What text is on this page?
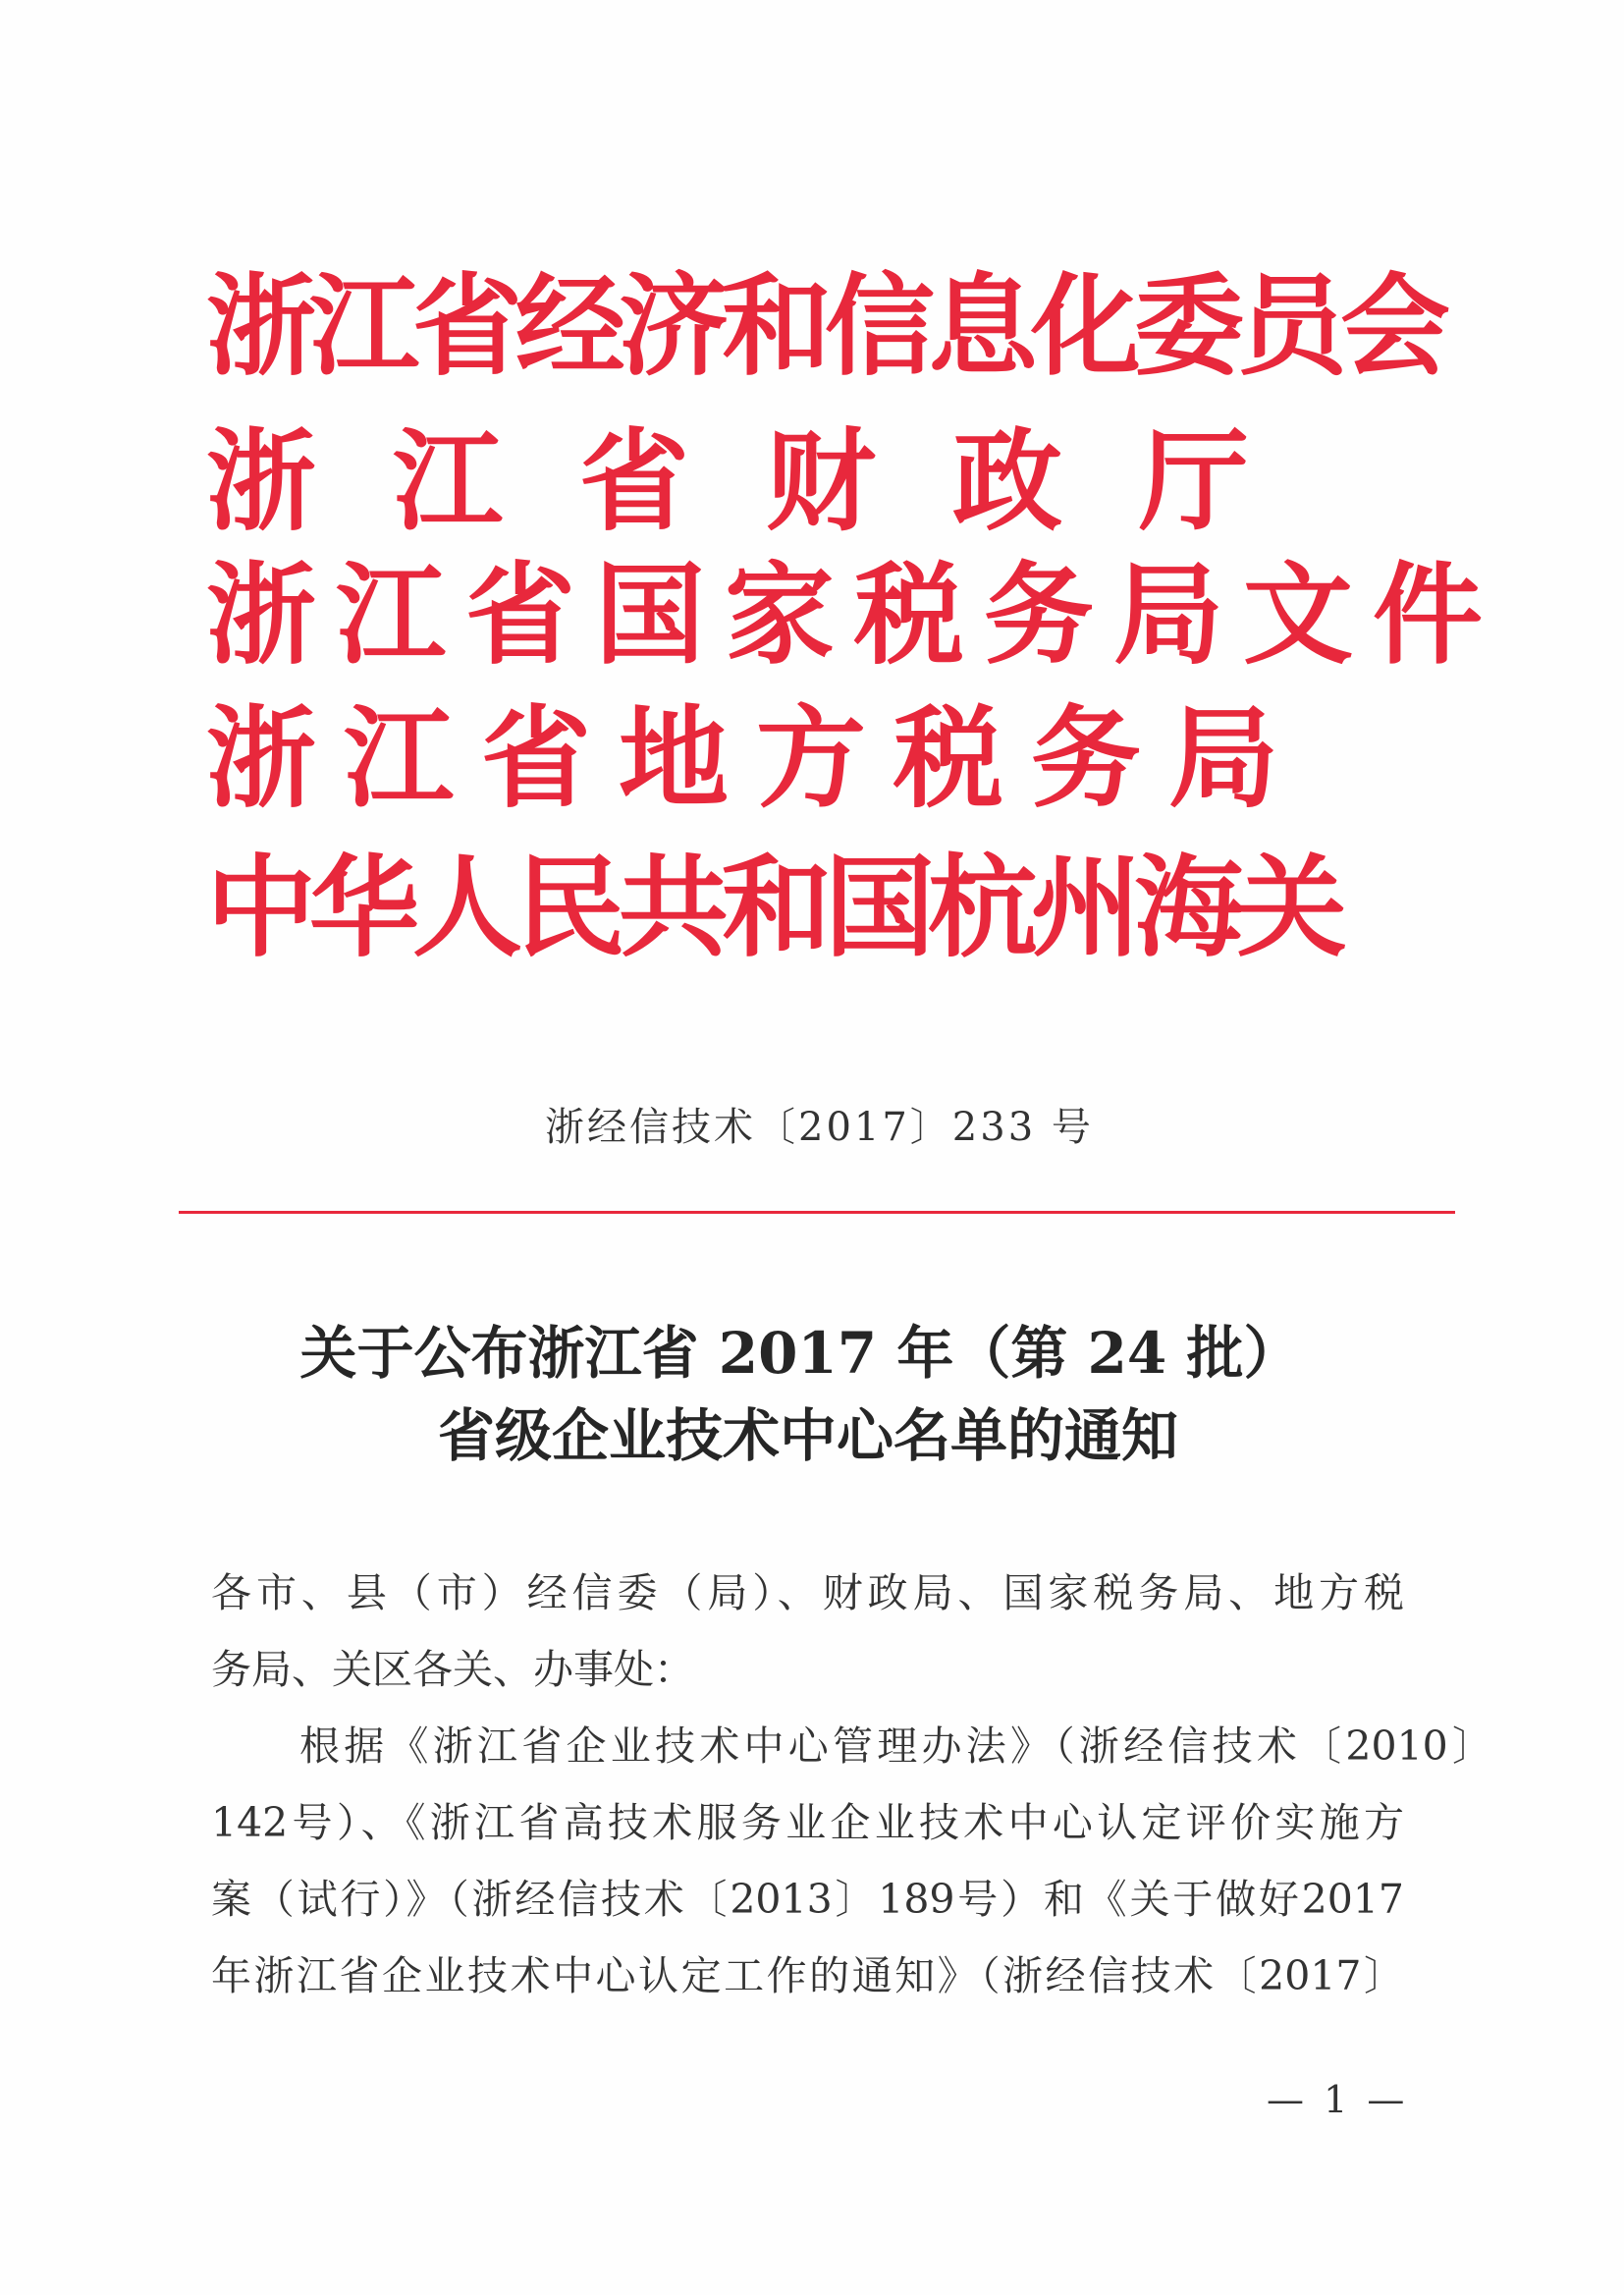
浙江省经济和信息化委员会
浙江省财政厅
浙江省国家税务局文件
浙江省地方税务局
中华人民共和国杭州海关
浙经信技术〔2017〕233 号
关于公布浙江省 2017 年（第 24 批）
省级企业技术中心名单的通知
各市、县（市）经信委（局）、财政局、国家税务局、地方税
务局、关区各关、办事处：
根据《浙江省企业技术中心管理办法》（浙经信技术〔2010〕
142号）、《浙江省高技术服务业企业技术中心认定评价实施方
案（试行）》（浙经信技术〔2013〕189号）和《关于做好2017
年浙江省企业技术中心认定工作的通知》（浙经信技术〔2017〕
— 1 —
